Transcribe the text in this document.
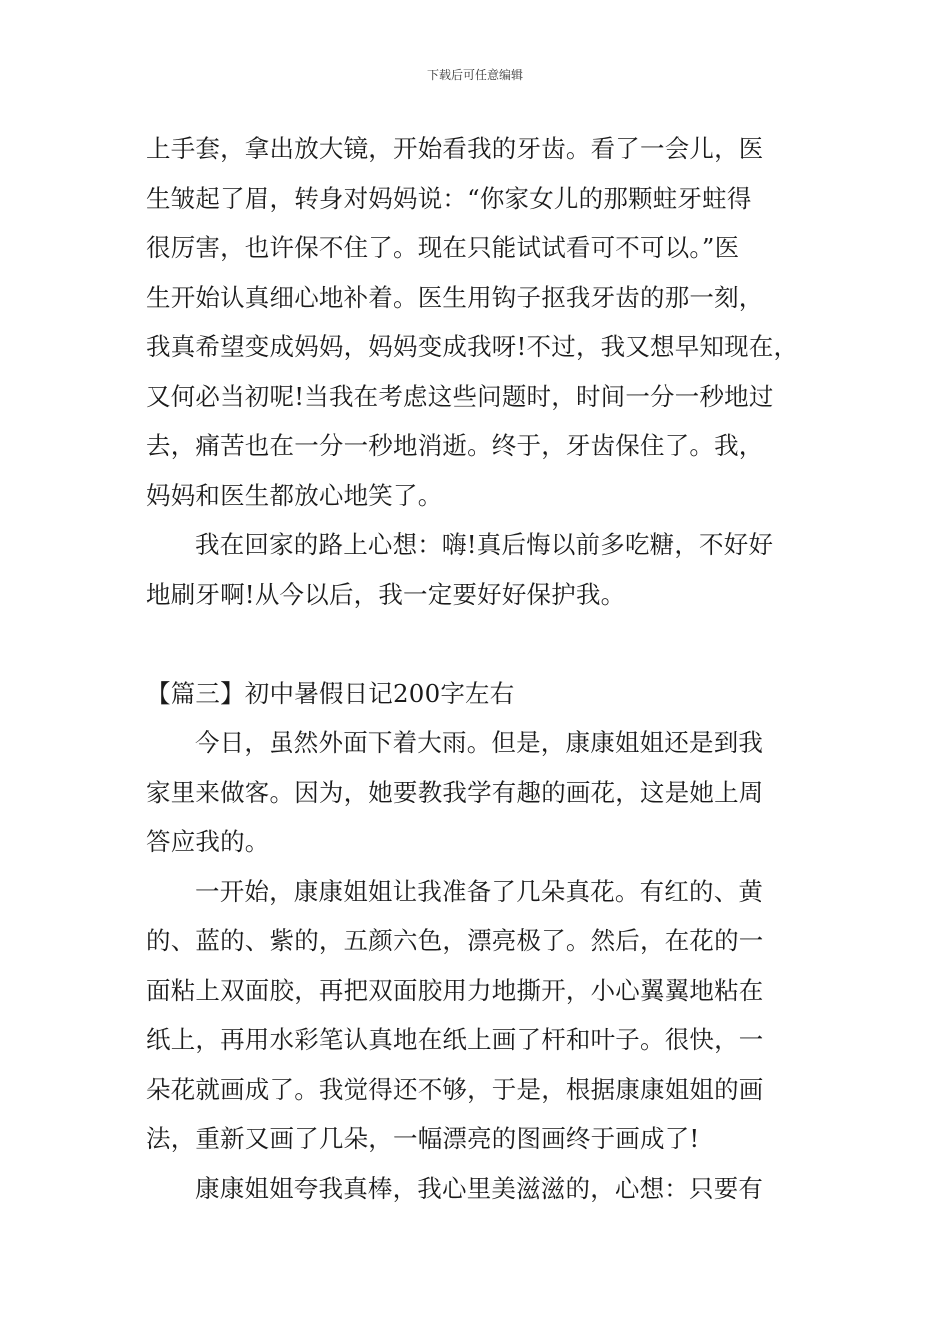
下载后可任意编辑
上手套，拿出放大镜，开始看我的牙齿。看了一会儿，医
生皱起了眉，转身对妈妈说：“你家女儿的那颗蛀牙蛀得
很厉害，也许保不住了。现在只能试试看可不可以。”医
生开始认真细心地补着。医生用钩子抠我牙齿的那一刻，
我真希望变成妈妈，妈妈变成我呀!不过，我又想早知现在，
又何必当初呢!当我在考虑这些问题时，时间一分一秒地过
去，痛苦也在一分一秒地消逝。终于，牙齿保住了。我，
妈妈和医生都放心地笑了。
我在回家的路上心想：嗨!真后悔以前多吃糖，不好好
地刷牙啊!从今以后，我一定要好好保护我。
【篇三】初中暑假日记200字左右
今日，虽然外面下着大雨。但是，康康姐姐还是到我
家里来做客。因为，她要教我学有趣的画花，这是她上周
答应我的。
一开始，康康姐姐让我准备了几朵真花。有红的、黄
的、蓝的、紫的，五颜六色，漂亮极了。然后，在花的一
面粘上双面胶，再把双面胶用力地撕开，小心翼翼地粘在
纸上，再用水彩笔认真地在纸上画了杆和叶子。很快，一
朵花就画成了。我觉得还不够，于是，根据康康姐姐的画
法，重新又画了几朵，一幅漂亮的图画终于画成了!
康康姐姐夸我真棒，我心里美滋滋的，心想：只要有
